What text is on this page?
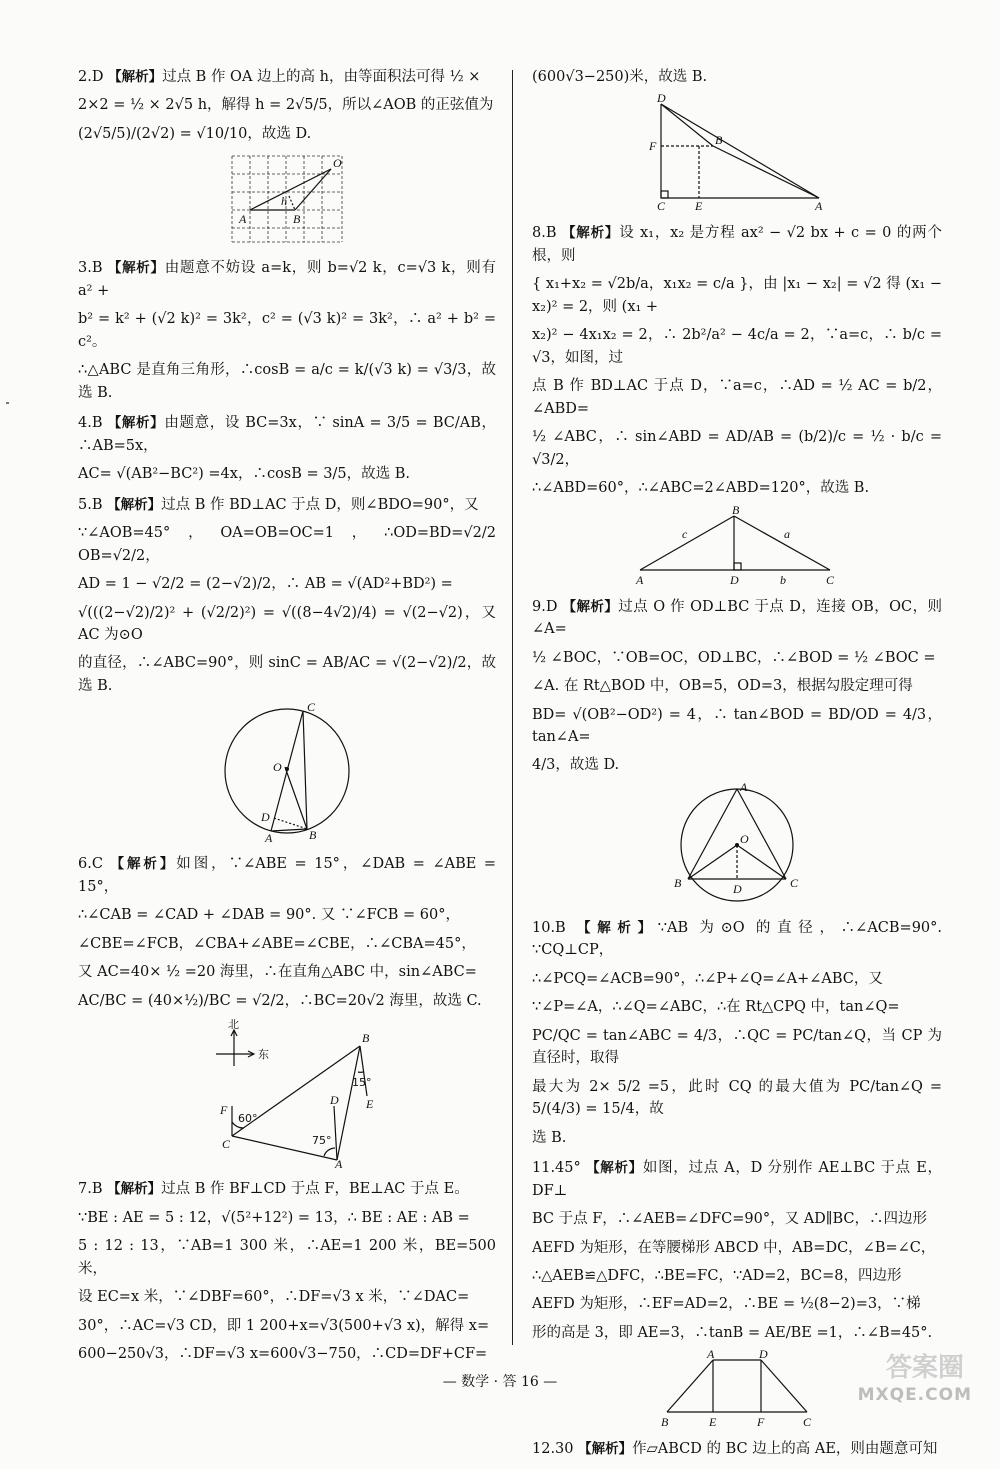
2.D 【解析】过点 B 作 OA 边上的高 h，由等面积法可得 ½ ×

2×2 = ½ × 2√5 h，解得 h = 2√5/5，所以∠AOB 的正弦值为

(2√5/5)/(2√2) = √10/10，故选 D.

O
h
A	B

3.B 【解析】由题意不妨设 a=k，则 b=√2 k，c=√3 k，则有 a² +

b² = k² + (√2 k)² = 3k²，c² = (√3 k)² = 3k²，∴ a² + b² = c²。

∴△ABC 是直角三角形，∴cosB = a/c = k/(√3 k) = √3/3，故选 B.

4.B 【解析】由题意，设 BC=3x，∵ sinA = 3/5 = BC/AB，∴AB=5x，

AC= √(AB²−BC²) =4x，∴cosB = 3/5，故选 B.

5.B 【解析】过点 B 作 BD⊥AC 于点 D，则∠BDO=90°，又

∵∠AOB=45°，OA=OB=OC=1，∴OD=BD=√2/2 OB=√2/2，

AD = 1 − √2/2 = (2−√2)/2，∴ AB = √(AD²+BD²) =

√(((2−√2)/2)² + (√2/2)²) = √((8−4√2)/4) = √(2−√2)，又 AC 为⊙O

的直径，∴∠ABC=90°，则 sinC = AB/AC = √(2−√2)/2，故选 B.

C
O
D
A	B

6.C 【解析】如图，∵∠ABE = 15°，∠DAB = ∠ABE = 15°，

∴∠CAB = ∠CAD + ∠DAB = 90°. 又 ∵∠FCB = 60°，

∠CBE=∠FCB，∠CBA+∠ABE=∠CBE，∴∠CBA=45°，

又 AC=40× ½ =20 海里，∴在直角△ABC 中，sin∠ABC=

AC/BC = (40×½)/BC = √2/2，∴BC=20√2 海里，故选 C.

北
东
B
E
F
D
C
A
60°
75°
15°

7.B 【解析】过点 B 作 BF⊥CD 于点 F，BE⊥AC 于点 E。

∵BE : AE = 5 : 12，√(5²+12²) = 13，∴ BE : AE : AB =

5 : 12 : 13，∵AB=1 300 米，∴AE=1 200 米，BE=500 米，

设 EC=x 米，∵∠DBF=60°，∴DF=√3 x 米，∵∠DAC=

30°，∴AC=√3 CD，即 1 200+x=√3(500+√3 x)，解得 x=

600−250√3，∴DF=√3 x=600√3−750，∴CD=DF+CF=

(600√3−250)米，故选 B.

D
F	B
C E	A

8.B 【解析】设 x₁，x₂ 是方程 ax² − √2 bx + c = 0 的两个根，则

{ x₁+x₂ = √2b/a，x₁x₂ = c/a }，由 |x₁ − x₂| = √2 得 (x₁ − x₂)² = 2，则 (x₁ +

x₂)² − 4x₁x₂ = 2，∴ 2b²/a² − 4c/a = 2，∵a=c，∴ b/c = √3，如图，过

点 B 作 BD⊥AC 于点 D，∵a=c，∴AD = ½ AC = b/2，∠ABD=

½ ∠ABC，∴ sin∠ABD = AD/AB = (b/2)/c = ½ · b/c = √3/2，

∴∠ABD=60°，∴∠ABC=2∠ABD=120°，故选 B.

B
c	a
A	D	b	C

9.D 【解析】过点 O 作 OD⊥BC 于点 D，连接 OB，OC，则∠A=

½ ∠BOC，∵OB=OC，OD⊥BC，∴∠BOD = ½ ∠BOC =

∠A. 在 Rt△BOD 中，OB=5，OD=3，根据勾股定理可得

BD= √(OB²−OD²) = 4，∴ tan∠BOD = BD/OD = 4/3，tan∠A=

4/3，故选 D.

A
O
B	D	C

10.B 【解析】∵AB 为⊙O 的直径，∴∠ACB=90°. ∵CQ⊥CP，

∴∠PCQ=∠ACB=90°，∴∠P+∠Q=∠A+∠ABC，又

∵∠P=∠A，∴∠Q=∠ABC，∴在 Rt△CPQ 中，tan∠Q=

PC/QC = tan∠ABC = 4/3，∴QC = PC/tan∠Q，当 CP 为直径时，取得

最大为 2× 5/2 =5，此时 CQ 的最大值为 PC/tan∠Q = 5/(4/3) = 15/4，故

选 B.

11.45° 【解析】如图，过点 A，D 分别作 AE⊥BC 于点 E，DF⊥

BC 于点 F，∴∠AEB=∠DFC=90°，又 AD∥BC，∴四边形

AEFD 为矩形，在等腰梯形 ABCD 中，AB=DC，∠B=∠C，

∴△AEB≌△DFC，∴BE=FC，∵AD=2，BC=8，四边形

AEFD 为矩形，∴EF=AD=2，∴BE = ½(8−2)=3，∵梯

形的高是 3，即 AE=3，∴tanB = AE/BE =1，∴∠B=45°.

A	D
B	E	F	C

12.30 【解析】作▱ABCD 的 BC 边上的高 AE，则由题意可知

— 数学 · 答 16 —	答案圈
MXQE.COM
